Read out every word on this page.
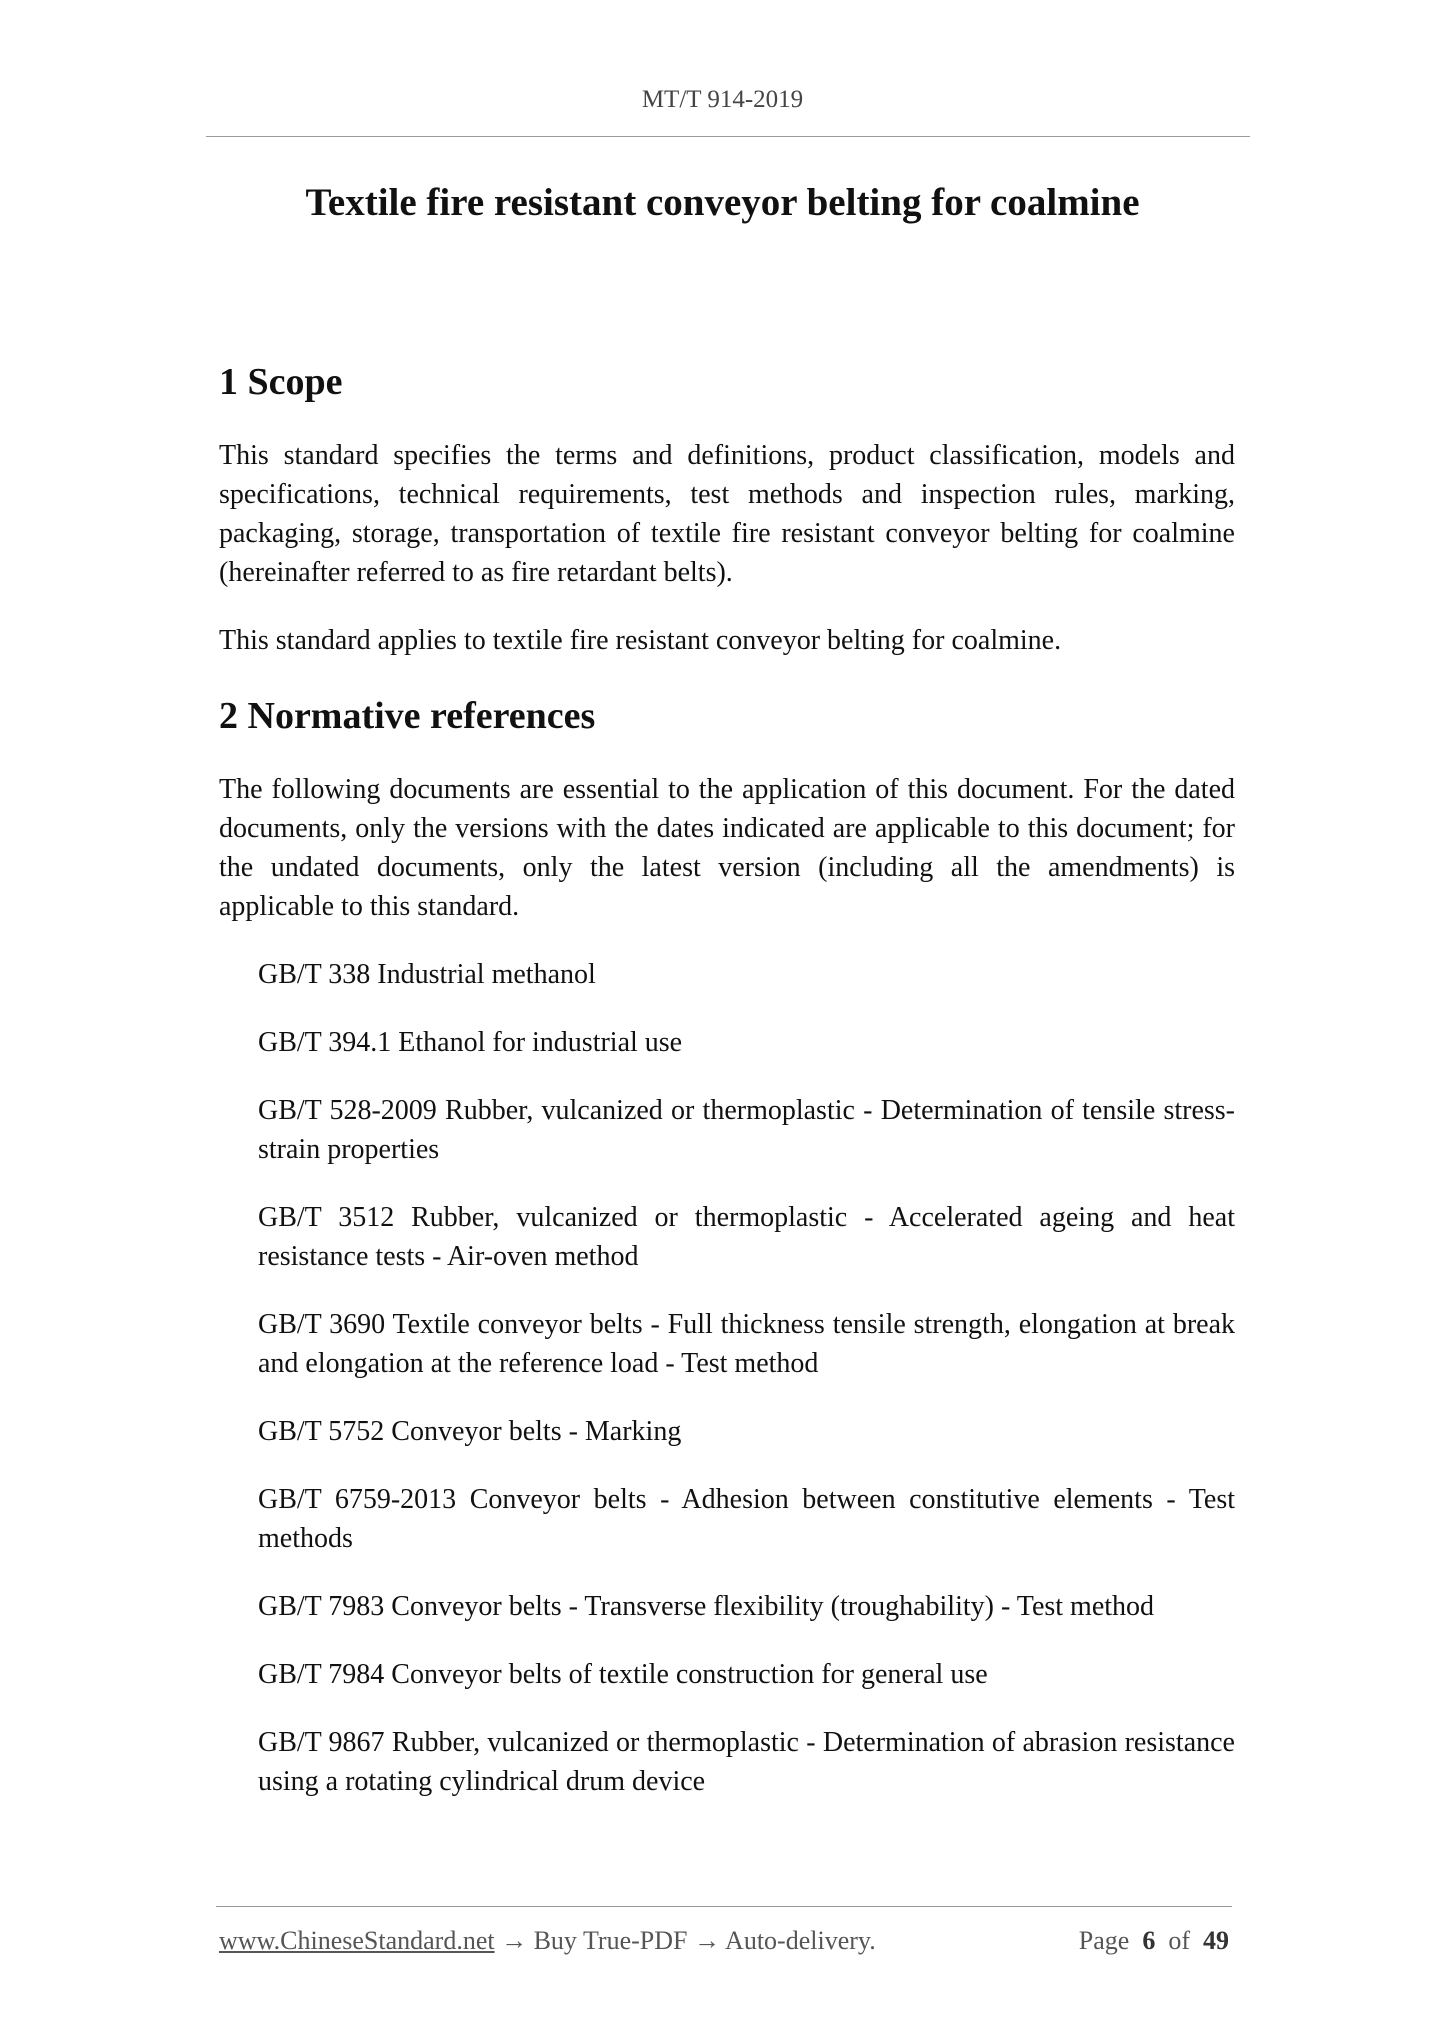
MT/T 914-2019
Textile fire resistant conveyor belting for coalmine
1 Scope

This standard specifies the terms and definitions, product classification, models and specifications, technical requirements, test methods and inspection rules, marking, packaging, storage, transportation of textile fire resistant conveyor belting for coalmine (hereinafter referred to as fire retardant belts).

This standard applies to textile fire resistant conveyor belting for coalmine.

2 Normative references

The following documents are essential to the application of this document. For the dated documents, only the versions with the dates indicated are applicable to this document; for the undated documents, only the latest version (including all the amendments) is applicable to this standard.

GB/T 338 Industrial methanol
GB/T 394.1 Ethanol for industrial use
GB/T 528-2009 Rubber, vulcanized or thermoplastic - Determination of tensile stress-strain properties
GB/T 3512 Rubber, vulcanized or thermoplastic - Accelerated ageing and heat resistance tests - Air-oven method
GB/T 3690 Textile conveyor belts - Full thickness tensile strength, elongation at break and elongation at the reference load - Test method
GB/T 5752 Conveyor belts - Marking
GB/T 6759-2013 Conveyor belts - Adhesion between constitutive elements - Test methods
GB/T 7983 Conveyor belts - Transverse flexibility (troughability) - Test method
GB/T 7984 Conveyor belts of textile construction for general use
GB/T 9867 Rubber, vulcanized or thermoplastic - Determination of abrasion resistance using a rotating cylindrical drum device
www.ChineseStandard.net → Buy True-PDF → Auto-delivery.	Page 6 of 49
